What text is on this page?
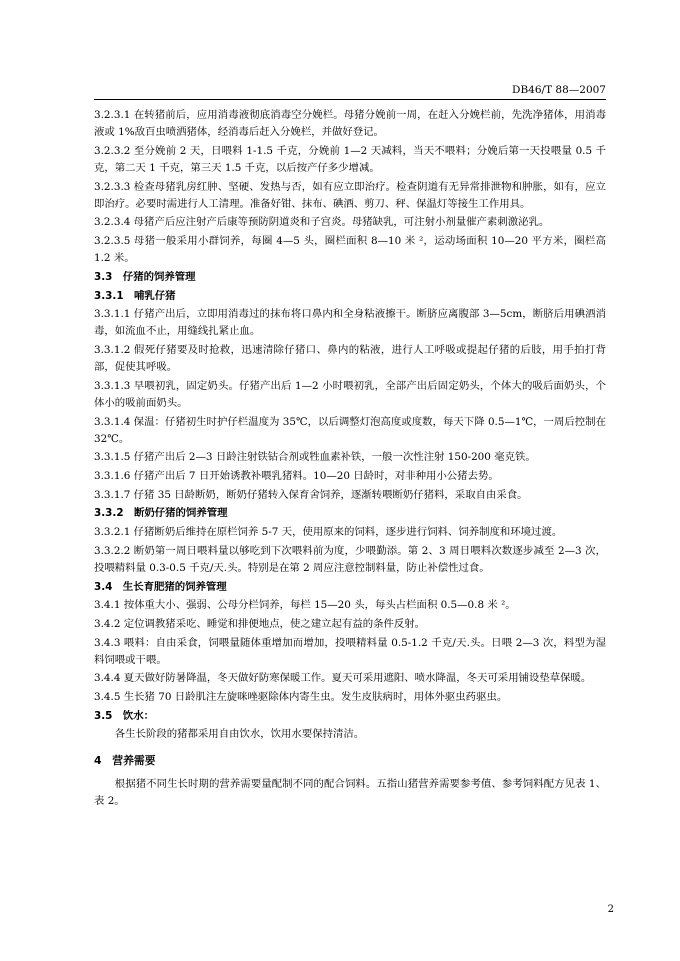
DB46/T 88—2007

3.2.3.1 在转猪前后，应用消毒液彻底消毒空分娩栏。母猪分娩前一周，在赶入分娩栏前，先洗净猪体，用消毒液或 1%敌百虫喷洒猪体，经消毒后赶入分娩栏，并做好登记。

3.2.3.2 至分娩前 2 天，日喂料 1-1.5 千克，分娩前 1—2 天减料，当天不喂料；分娩后第一天投喂量 0.5 千克，第二天 1 千克，第三天 1.5 千克，以后按产仔多少增减。

3.2.3.3 检查母猪乳房红肿、坚硬、发热与否，如有应立即治疗。检查阴道有无异常排泄物和肿胀，如有，应立即治疗。必要时需进行人工清理。准备好钳、抹布、碘酒、剪刀、秤、保温灯等接生工作用具。

3.2.3.4 母猪产后应注射产后康等预防阴道炎和子宫炎。母猪缺乳，可注射小剂量催产素刺激泌乳。

3.2.3.5 母猪一般采用小群饲养，每圈 4—5 头，圈栏面积 8—10 米 ²，运动场面积 10—20 平方米，圈栏高 1.2 米。

3.3　仔猪的饲养管理
3.3.1　哺乳仔猪

3.3.1.1 仔猪产出后，立即用消毒过的抹布将口鼻内和全身粘液擦干。断脐应离腹部 3—5cm，断脐后用碘酒消毒，如流血不止，用缝线扎紧止血。

3.3.1.2 假死仔猪要及时抢救，迅速清除仔猪口、鼻内的粘液，进行人工呼吸或提起仔猪的后肢，用手拍打背部，促使其呼吸。

3.3.1.3 早喂初乳，固定奶头。仔猪产出后 1—2 小时喂初乳，全部产出后固定奶头，个体大的吸后面奶头，个体小的吸前面奶头。

3.3.1.4 保温：仔猪初生时护仔栏温度为 35℃，以后调整灯泡高度或度数，每天下降 0.5—1℃，一周后控制在 32℃。

3.3.1.5 仔猪产出后 2—3 日龄注射铁钴合剂或牲血素补铁，一般一次性注射 150-200 毫克铁。

3.3.1.6 仔猪产出后 7 日开始诱教补喂乳猪料。10—20 日龄时，对非种用小公猪去势。

3.3.1.7 仔猪 35 日龄断奶，断奶仔猪转入保育舍饲养，逐渐转喂断奶仔猪料，采取自由采食。

3.3.2　断奶仔猪的饲养管理

3.3.2.1 仔猪断奶后维持在原栏饲养 5-7 天，使用原来的饲料，逐步进行饲料、饲养制度和环境过渡。

3.3.2.2 断奶第一周日喂料量以够吃到下次喂料前为度，少喂勤添。第 2、3 周日喂料次数逐步减至 2—3 次，投喂精料量 0.3-0.5 千克/天.头。特别是在第 2 周应注意控制料量，防止补偿性过食。

3.4　生长育肥猪的饲养管理

3.4.1 按体重大小、强弱、公母分栏饲养，每栏 15—20 头，每头占栏面积 0.5—0.8 米 ²。

3.4.2 定位调教猪采吃、睡觉和排便地点，使之建立起有益的条件反射。

3.4.3 喂料：自由采食，饲喂量随体重增加而增加，投喂精料量 0.5-1.2 千克/天.头。日喂 2—3 次，料型为湿料饲喂或干喂。

3.4.4 夏天做好防暑降温，冬天做好防寒保暖工作。夏天可采用遮阳、喷水降温，冬天可采用铺设垫草保暖。

3.4.5 生长猪 70 日龄肌注左旋咪唑驱除体内寄生虫。发生皮肤病时，用体外驱虫药驱虫。

3.5　饮水：

各生长阶段的猪都采用自由饮水，饮用水要保持清洁。

4　营养需要

根据猪不同生长时期的营养需要量配制不同的配合饲料。五指山猪营养需要参考值、参考饲料配方见表 1、表 2。

2
